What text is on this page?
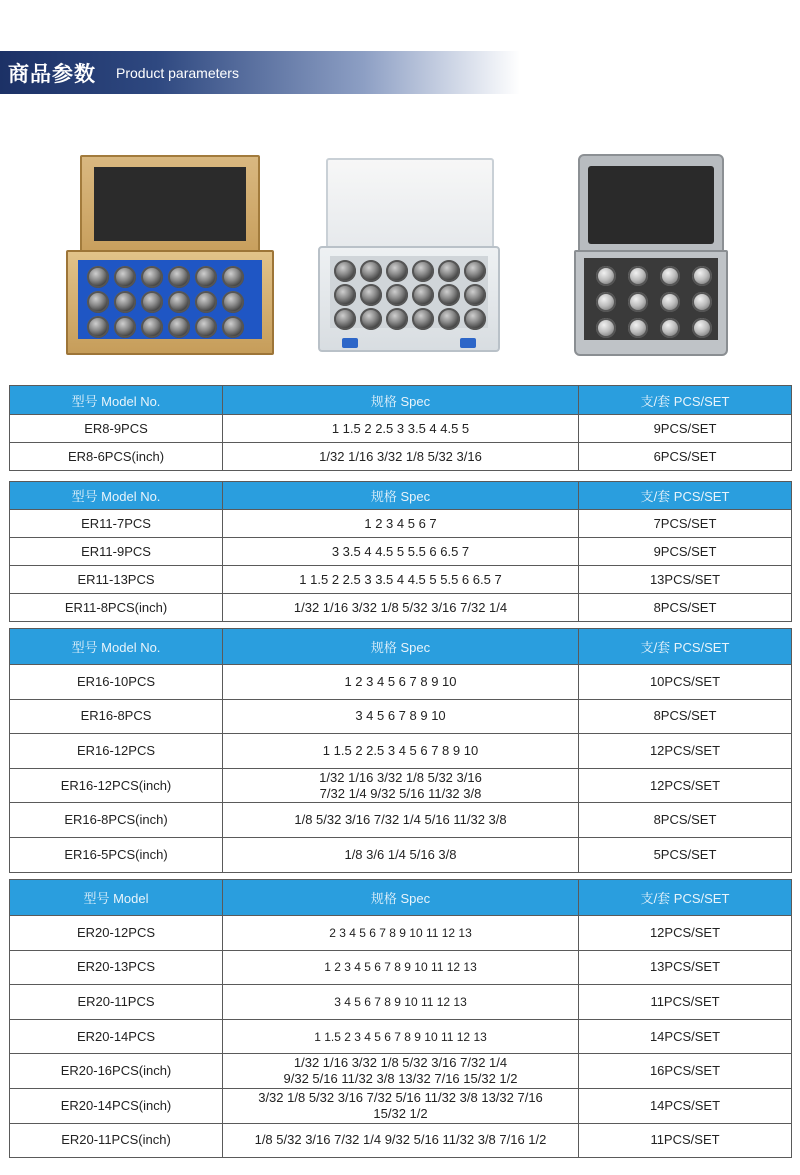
商品参数 Product parameters
型号 Model No.	规格 Spec	支/套 PCS/SET
ER8-9PCS	1 1.5 2 2.5 3 3.5 4 4.5 5	9PCS/SET
ER8-6PCS(inch)	1/32 1/16 3/32 1/8 5/32 3/16	6PCS/SET
型号 Model No.	规格 Spec	支/套 PCS/SET
ER11-7PCS	1 2 3 4 5 6 7	7PCS/SET
ER11-9PCS	3 3.5 4 4.5 5 5.5 6 6.5 7	9PCS/SET
ER11-13PCS	1 1.5 2 2.5 3 3.5 4 4.5 5 5.5 6 6.5 7	13PCS/SET
ER11-8PCS(inch)	1/32 1/16 3/32 1/8 5/32 3/16 7/32 1/4	8PCS/SET
型号 Model No.	规格 Spec	支/套 PCS/SET
ER16-10PCS	1 2 3 4 5 6 7 8 9 10	10PCS/SET
ER16-8PCS	3 4 5 6 7 8 9 10	8PCS/SET
ER16-12PCS	1 1.5 2 2.5 3 4 5 6 7 8 9 10	12PCS/SET
ER16-12PCS(inch)	1/32 1/16 3/32 1/8 5/32 3/16
7/32 1/4 9/32 5/16 11/32 3/8	12PCS/SET
ER16-8PCS(inch)	1/8 5/32 3/16 7/32 1/4 5/16 11/32 3/8	8PCS/SET
ER16-5PCS(inch)	1/8 3/6 1/4 5/16 3/8	5PCS/SET
型号 Model	规格 Spec	支/套 PCS/SET
ER20-12PCS	2 3 4 5 6 7 8 9 10 11 12 13	12PCS/SET
ER20-13PCS	1 2 3 4 5 6 7 8 9 10 11 12 13	13PCS/SET
ER20-11PCS	3 4 5 6 7 8 9 10 11 12 13	11PCS/SET
ER20-14PCS	1 1.5 2 3 4 5 6 7 8 9 10 11 12 13	14PCS/SET
ER20-16PCS(inch)	1/32 1/16 3/32 1/8 5/32 3/16 7/32 1/4
9/32 5/16 11/32 3/8 13/32 7/16 15/32 1/2	16PCS/SET
ER20-14PCS(inch)	3/32 1/8 5/32 3/16 7/32 5/16 11/32 3/8 13/32 7/16
15/32 1/2	14PCS/SET
ER20-11PCS(inch)	1/8 5/32 3/16 7/32 1/4 9/32 5/16 11/32 3/8 7/16 1/2	11PCS/SET
